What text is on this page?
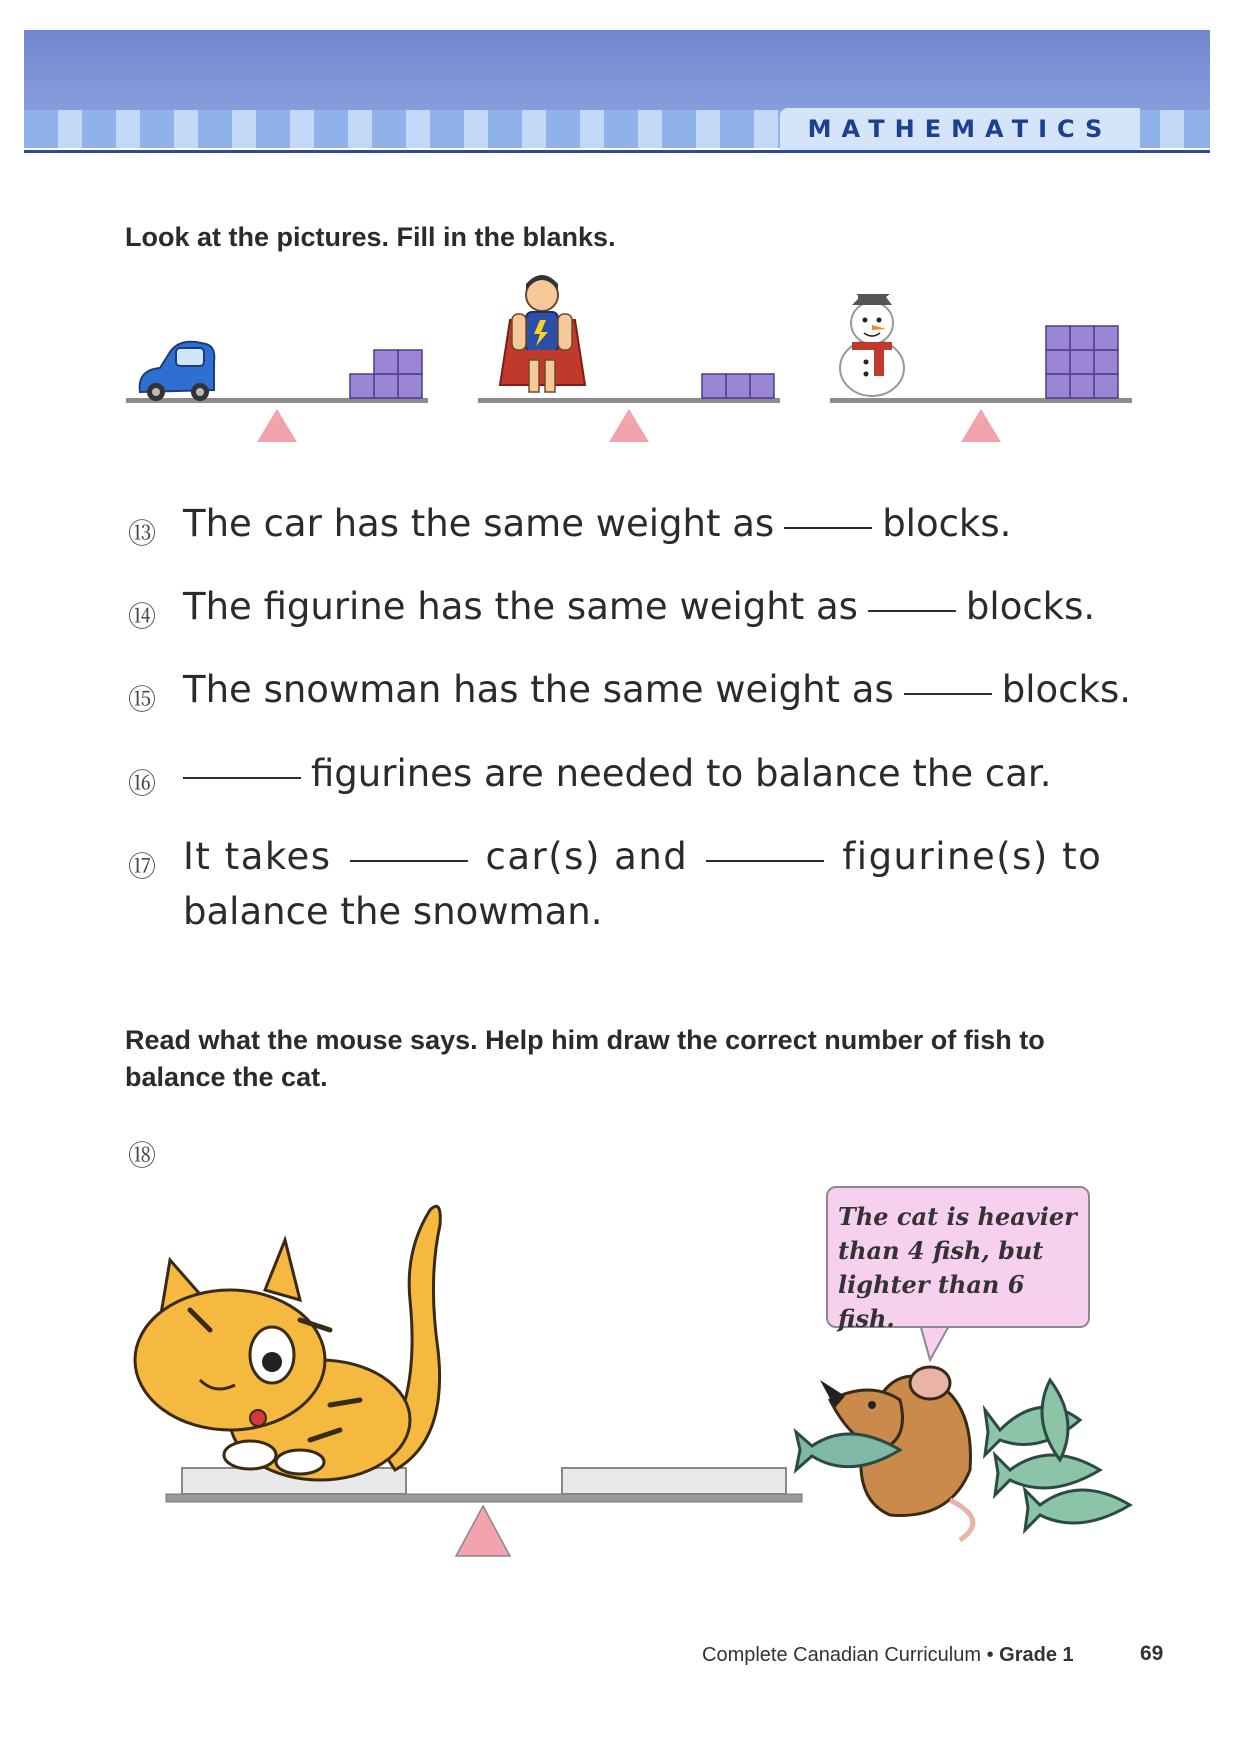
MATHEMATICS
Look at the pictures. Fill in the blanks.
⑬ The car has the same weight as	blocks.
⑭ The figurine has the same weight as	blocks.
⑮ The snowman has the same weight as	blocks.
⑯	figurines are needed to balance the car.
⑰ It takes	car(s) and	figurine(s) to
balance the snowman.
Read what the mouse says. Help him draw the correct number of fish to balance the cat.
⑱
The cat is heavier than 4 fish, but lighter than 6 fish.
Complete Canadian Curriculum • Grade 1	69
